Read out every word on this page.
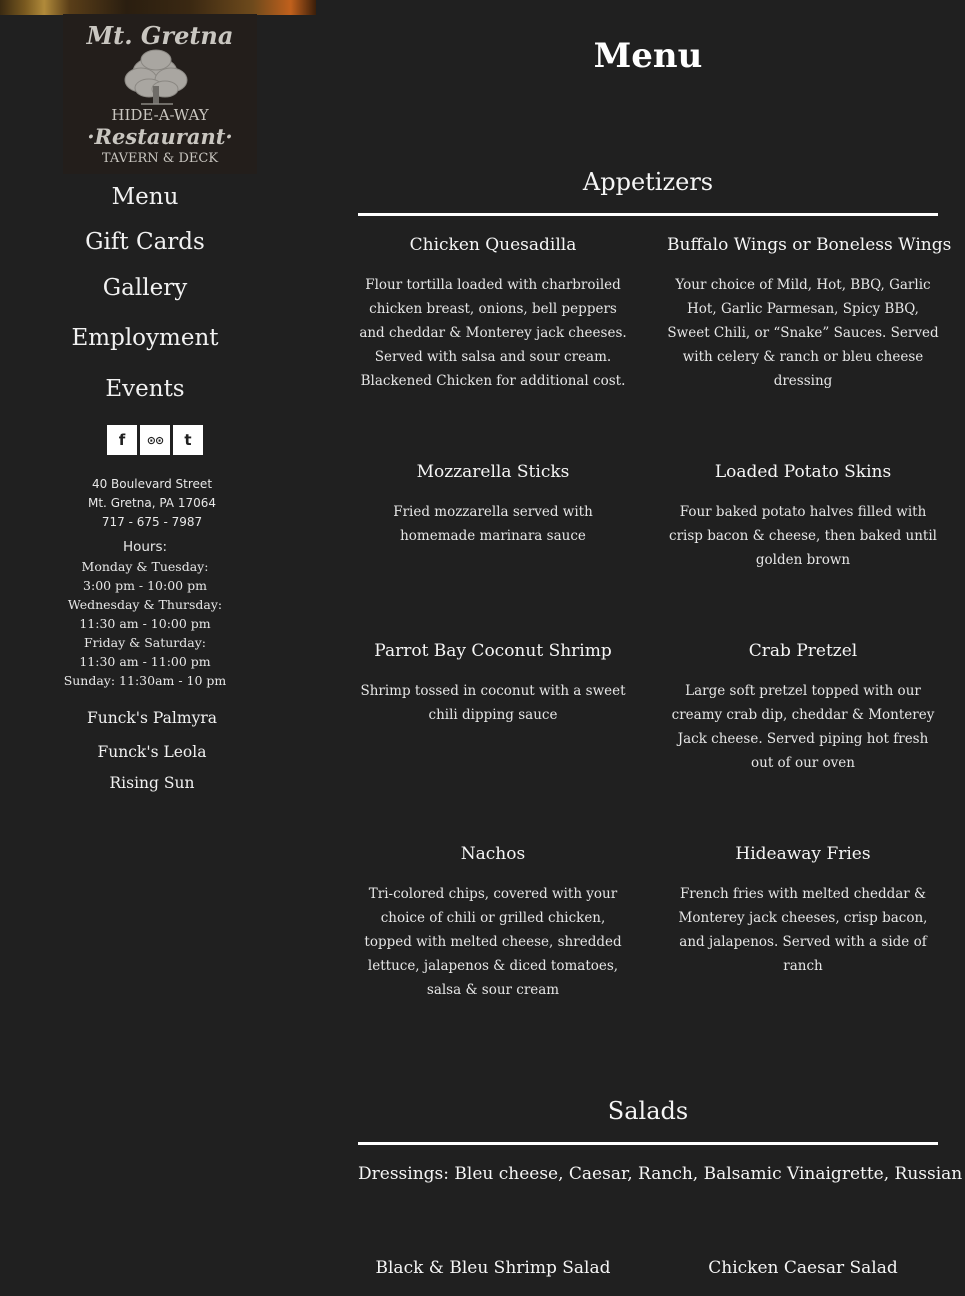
Mt. Gretna
HIDE-A-WAY
·Restaurant·
TAVERN & DECK
Menu
Gift Cards
Gallery
Employment
Events
f	⊙⊙	t
40 Boulevard Street
Mt. Gretna, PA 17064
717 - 675 - 7987
Hours:
Monday & Tuesday:
3:00 pm - 10:00 pm
Wednesday & Thursday:
11:30 am - 10:00 pm
Friday & Saturday:
11:30 am - 11:00 pm
Sunday: 11:30am - 10 pm
Funck's Palmyra
Funck's Leola
Rising Sun
Menu
Appetizers
Chicken Quesadilla
Flour tortilla loaded with charbroiled chicken breast, onions, bell peppers and cheddar & Monterey jack cheeses. Served with salsa and sour cream. Blackened Chicken for additional cost.
Buffalo Wings or Boneless Wings
Your choice of Mild, Hot, BBQ, Garlic Hot, Garlic Parmesan, Spicy BBQ, Sweet Chili, or “Snake” Sauces. Served with celery & ranch or bleu cheese dressing
Mozzarella Sticks
Fried mozzarella served with homemade marinara sauce
Loaded Potato Skins
Four baked potato halves filled with crisp bacon & cheese, then baked until golden brown
Parrot Bay Coconut Shrimp
Shrimp tossed in coconut with a sweet chili dipping sauce
Crab Pretzel
Large soft pretzel topped with our creamy crab dip, cheddar & Monterey Jack cheese. Served piping hot fresh out of our oven
Nachos
Tri-colored chips, covered with your choice of chili or grilled chicken, topped with melted cheese, shredded lettuce, jalapenos & diced tomatoes, salsa & sour cream
Hideaway Fries
French fries with melted cheddar & Monterey jack cheeses, crisp bacon, and jalapenos. Served with a side of ranch
Salads
Dressings: Bleu cheese, Caesar, Ranch, Balsamic Vinaigrette, Russian
Black & Bleu Shrimp Salad	Chicken Caesar Salad
